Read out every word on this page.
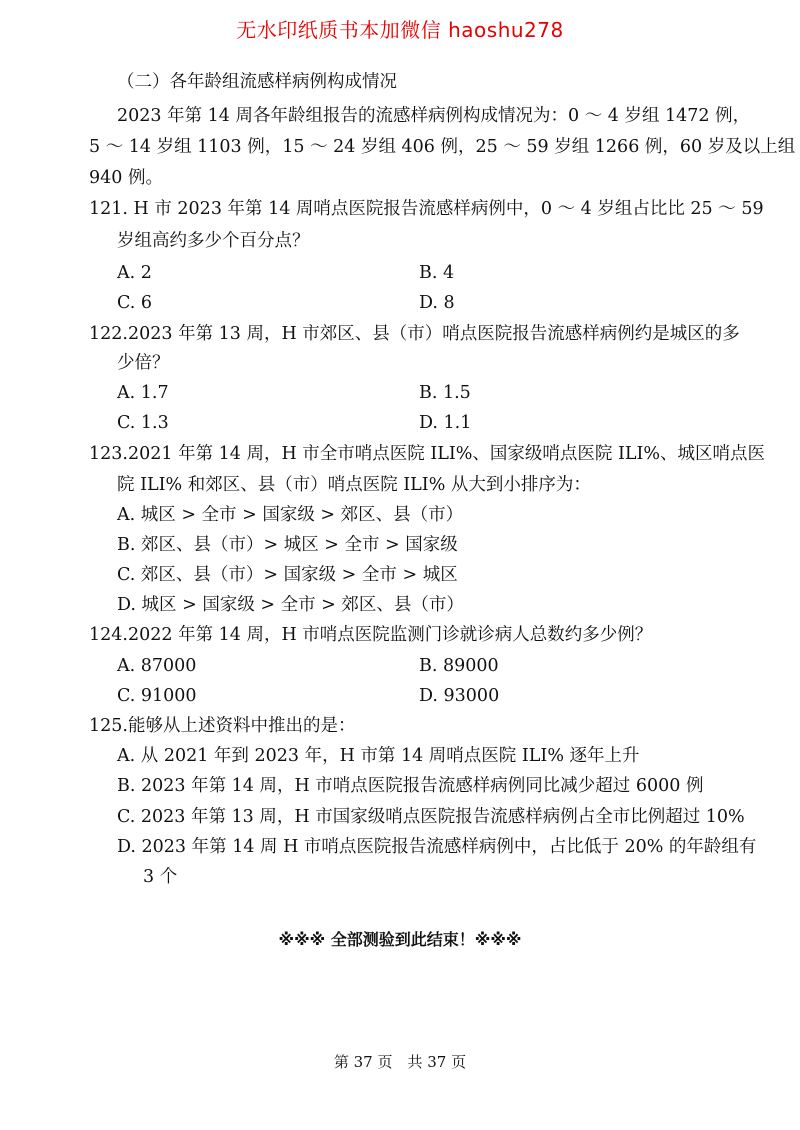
无水印纸质书本加微信 haoshu278
（二）各年龄组流感样病例构成情况
2023 年第 14 周各年龄组报告的流感样病例构成情况为：0 ～ 4 岁组 1472 例，
5 ～ 14 岁组 1103 例，15 ～ 24 岁组 406 例，25 ～ 59 岁组 1266 例，60 岁及以上组
940 例。
121. H 市 2023 年第 14 周哨点医院报告流感样病例中，0 ～ 4 岁组占比比 25 ～ 59
岁组高约多少个百分点？
A. 2	B. 4
C. 6	D. 8
122.2023 年第 13 周，H 市郊区、县（市）哨点医院报告流感样病例约是城区的多
少倍？
A. 1.7	B. 1.5
C. 1.3	D. 1.1
123.2021 年第 14 周，H 市全市哨点医院 ILI%、国家级哨点医院 ILI%、城区哨点医
院 ILI% 和郊区、县（市）哨点医院 ILI% 从大到小排序为：
A. 城区 > 全市 > 国家级 > 郊区、县（市）
B. 郊区、县（市）> 城区 > 全市 > 国家级
C. 郊区、县（市）> 国家级 > 全市 > 城区
D. 城区 > 国家级 > 全市 > 郊区、县（市）
124.2022 年第 14 周，H 市哨点医院监测门诊就诊病人总数约多少例？
A. 87000	B. 89000
C. 91000	D. 93000
125.能够从上述资料中推出的是：
A. 从 2021 年到 2023 年，H 市第 14 周哨点医院 ILI% 逐年上升
B. 2023 年第 14 周，H 市哨点医院报告流感样病例同比减少超过 6000 例
C. 2023 年第 13 周，H 市国家级哨点医院报告流感样病例占全市比例超过 10%
D. 2023 年第 14 周 H 市哨点医院报告流感样病例中，占比低于 20% 的年龄组有
3 个
※※※ 全部测验到此结束！※※※
第 37 页　共 37 页
